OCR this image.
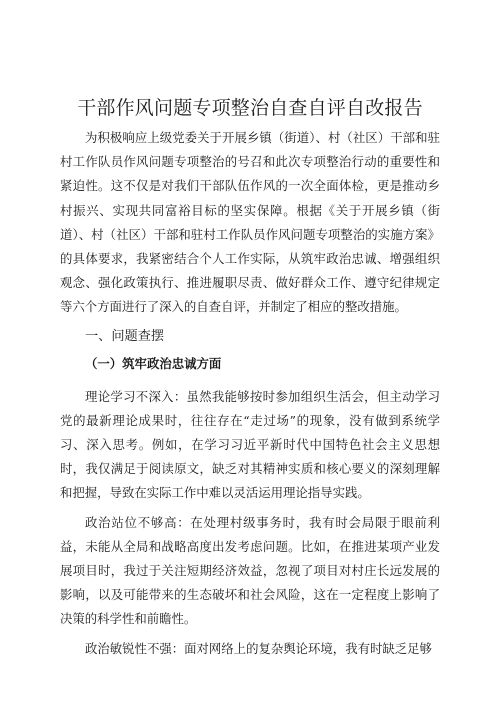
干部作风问题专项整治自查自评自改报告

为积极响应上级党委关于开展乡镇（街道）、村（社区）干部和驻村工作队员作风问题专项整治的号召和此次专项整治行动的重要性和紧迫性。这不仅是对我们干部队伍作风的一次全面体检，更是推动乡村振兴、实现共同富裕目标的坚实保障。根据《关于开展乡镇（街道）、村（社区）干部和驻村工作队员作风问题专项整治的实施方案》的具体要求，我紧密结合个人工作实际，从筑牢政治忠诚、增强组织观念、强化政策执行、推进履职尽责、做好群众工作、遵守纪律规定等六个方面进行了深入的自查自评，并制定了相应的整改措施。

一、问题查摆
（一）筑牢政治忠诚方面

理论学习不深入：虽然我能够按时参加组织生活会，但主动学习党的最新理论成果时，往往存在“走过场”的现象，没有做到系统学习、深入思考。例如，在学习习近平新时代中国特色社会主义思想时，我仅满足于阅读原文，缺乏对其精神实质和核心要义的深刻理解和把握，导致在实际工作中难以灵活运用理论指导实践。

政治站位不够高：在处理村级事务时，我有时会局限于眼前利益，未能从全局和战略高度出发考虑问题。比如，在推进某项产业发展项目时，我过于关注短期经济效益，忽视了项目对村庄长远发展的影响，以及可能带来的生态破坏和社会风险，这在一定程度上影响了决策的科学性和前瞻性。

政治敏锐性不强：面对网络上的复杂舆论环境，我有时缺乏足够
